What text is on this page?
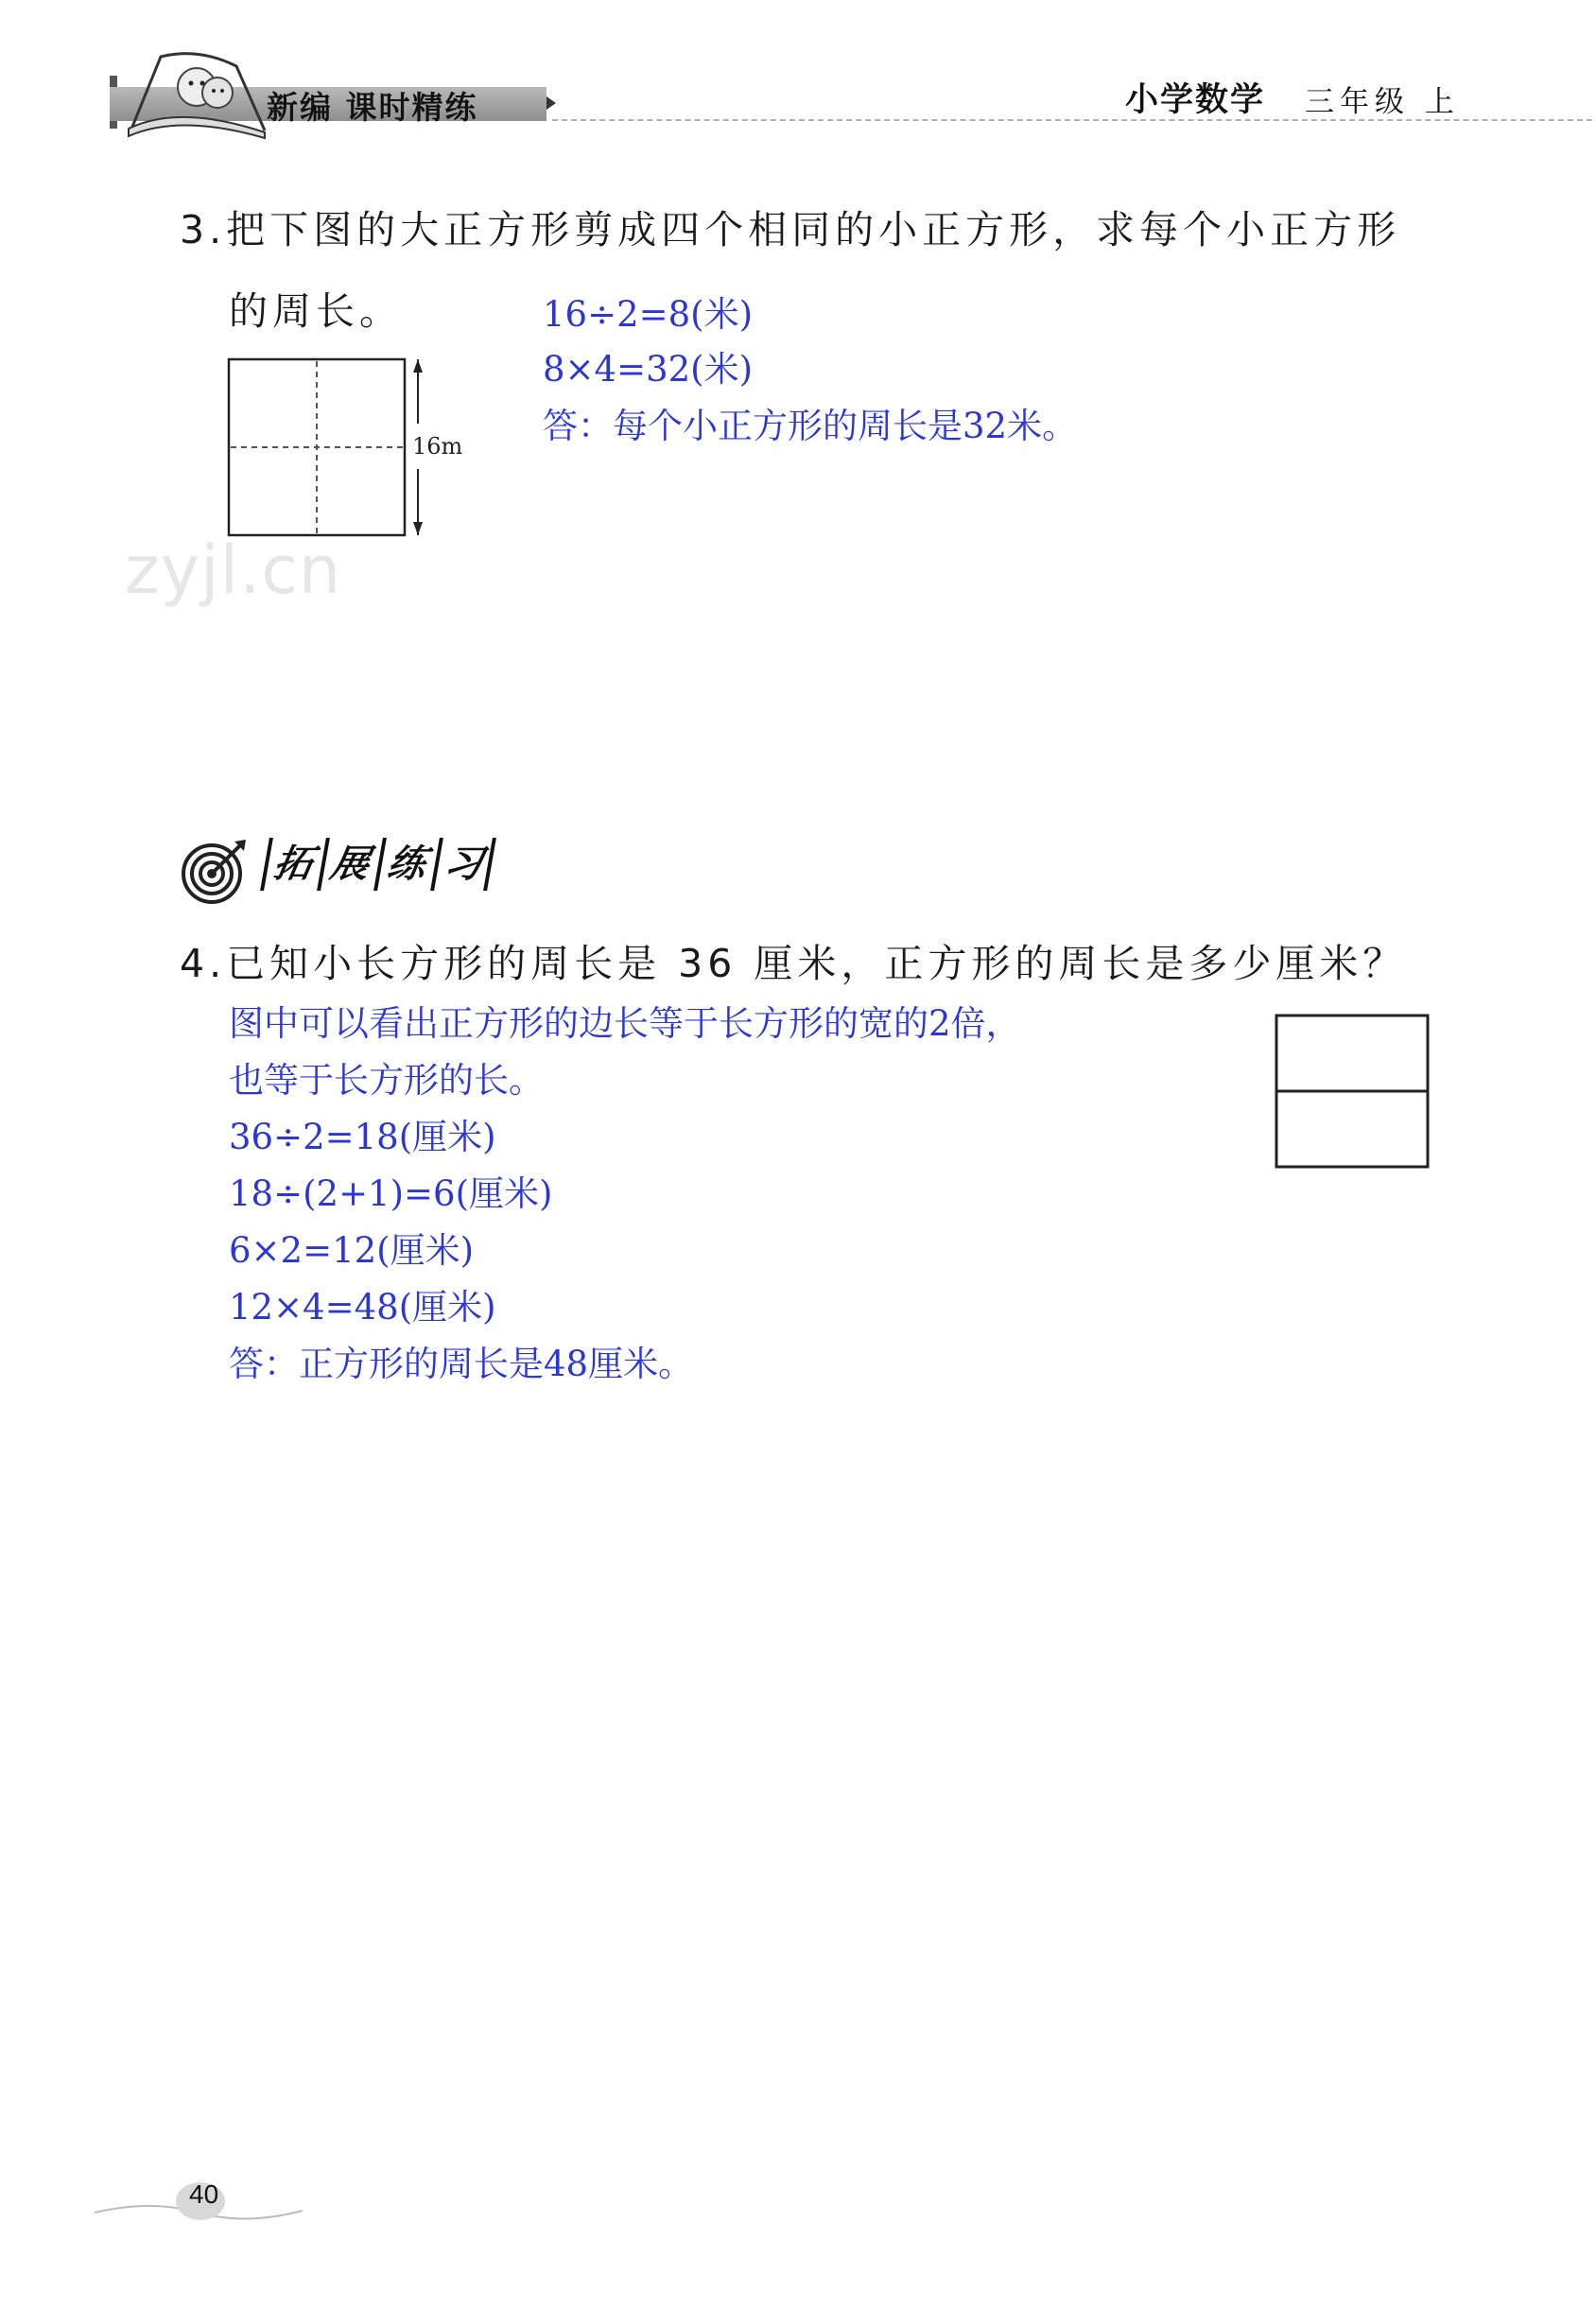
新编 课时精练	小学数学 三年级 上
3.把下图的大正方形剪成四个相同的小正方形，求每个小正方形
的周长。
16m
16÷2=8(米)
8×4=32(米)
答：每个小正方形的周长是32米。
zyjl.cn
拓 展 练 习
4.已知小长方形的周长是 36 厘米，正方形的周长是多少厘米？
图中可以看出正方形的边长等于长方形的宽的2倍，
也等于长方形的长。
36÷2=18(厘米)
18÷(2+1)=6(厘米)
6×2=12(厘米)
12×4=48(厘米)
答：正方形的周长是48厘米。
40
